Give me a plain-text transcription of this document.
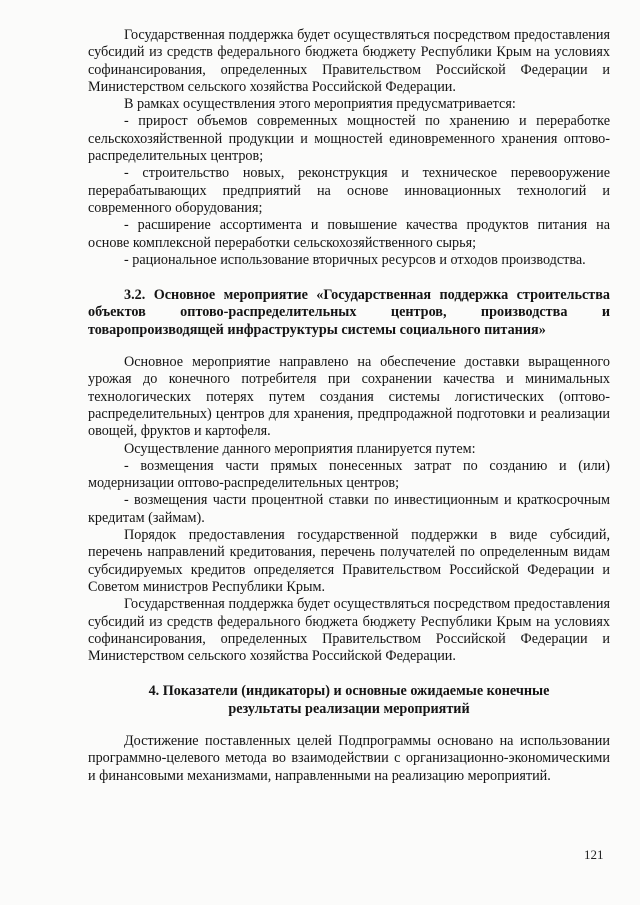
Государственная поддержка будет осуществляться посредством предоставления субсидий из средств федерального бюджета бюджету Республики Крым на условиях софинансирования, определенных Правительством Российской Федерации и Министерством сельского хозяйства Российской Федерации.

В рамках осуществления этого мероприятия предусматривается:

- прирост объемов современных мощностей по хранению и переработке сельскохозяйственной продукции и мощностей единовременного хранения оптово-распределительных центров;

- строительство новых, реконструкция и техническое перевооружение перерабатывающих предприятий на основе инновационных технологий и современного оборудования;

- расширение ассортимента и повышение качества продуктов питания на основе комплексной переработки сельскохозяйственного сырья;

- рациональное использование вторичных ресурсов и отходов производства.

3.2. Основное мероприятие «Государственная поддержка строительства объектов оптово-распределительных центров, производства и товаропроизводящей инфраструктуры системы социального питания»

Основное мероприятие направлено на обеспечение доставки выращенного урожая до конечного потребителя при сохранении качества и минимальных технологических потерях путем создания системы логистических (оптово-распределительных) центров для хранения, предпродажной подготовки и реализации овощей, фруктов и картофеля.

Осуществление данного мероприятия планируется путем:

- возмещения части прямых понесенных затрат по созданию и (или) модернизации оптово-распределительных центров;

- возмещения части процентной ставки по инвестиционным и краткосрочным кредитам (займам).

Порядок предоставления государственной поддержки в виде субсидий, перечень направлений кредитования, перечень получателей по определенным видам субсидируемых кредитов определяется Правительством Российской Федерации и Советом министров Республики Крым.

Государственная поддержка будет осуществляться посредством предоставления субсидий из средств федерального бюджета бюджету Республики Крым на условиях софинансирования, определенных Правительством Российской Федерации и Министерством сельского хозяйства Российской Федерации.

4. Показатели (индикаторы) и основные ожидаемые конечные
результаты реализации мероприятий

Достижение поставленных целей Подпрограммы основано на использовании программно-целевого метода во взаимодействии с организационно-экономическими и финансовыми механизмами, направленными на реализацию мероприятий.

121
